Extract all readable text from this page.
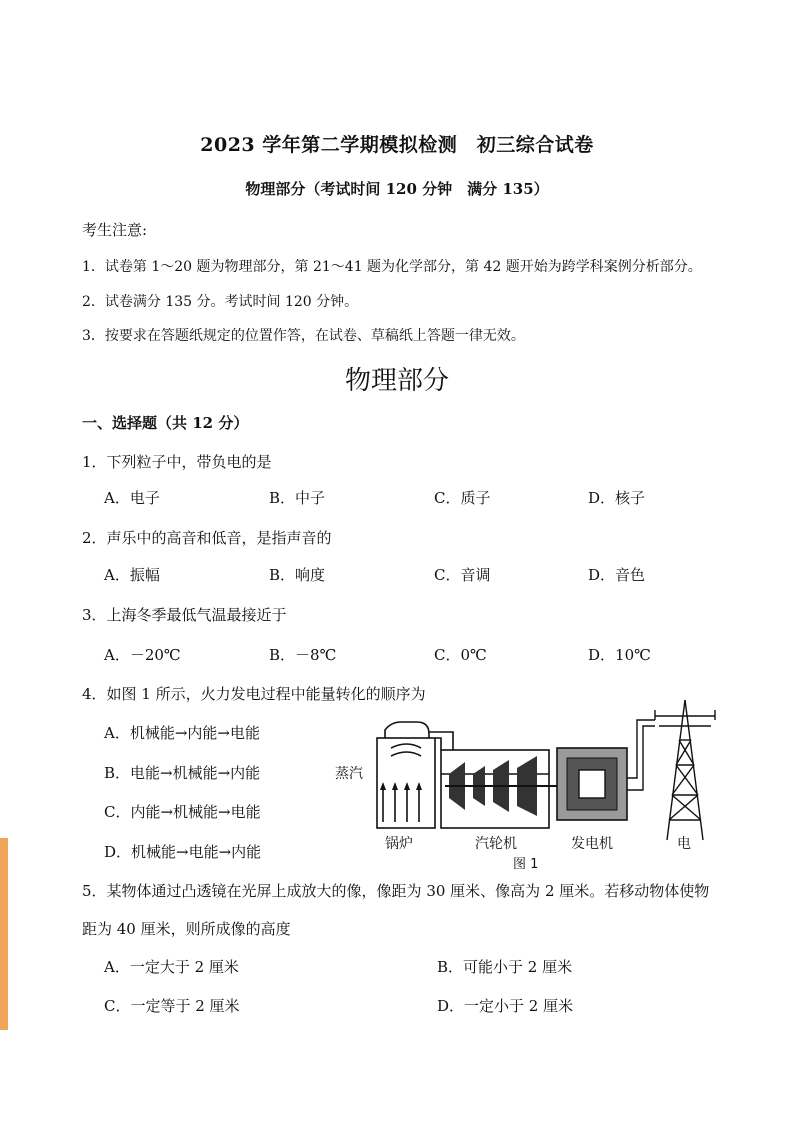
2023 学年第二学期模拟检测　初三综合试卷
物理部分（考试时间 120 分钟　满分 135）
考生注意:
1．试卷第 1～20 题为物理部分，第 21～41 题为化学部分，第 42 题开始为跨学科案例分析部分。
2．试卷满分 135 分。考试时间 120 分钟。
3．按要求在答题纸规定的位置作答，在试卷、草稿纸上答题一律无效。
物理部分
一、选择题（共 12 分）
1．下列粒子中，带负电的是
A．电子	B．中子	C．质子	D．核子
2．声乐中的高音和低音，是指声音的
A．振幅	B．响度	C．音调	D．音色
3．上海冬季最低气温最接近于
A．－20℃	B．－8℃	C．0℃	D．10℃
4．如图 1 所示，火力发电过程中能量转化的顺序为
A．机械能→内能→电能
B．电能→机械能→内能
C．内能→机械能→电能
D．机械能→电能→内能
蒸汽
锅炉	汽轮机	发电机	电
图 1
5．某物体通过凸透镜在光屏上成放大的像，像距为 30 厘米、像高为 2 厘米。若移动物体使物
距为 40 厘米，则所成像的高度
A．一定大于 2 厘米	B．可能小于 2 厘米
C．一定等于 2 厘米	D．一定小于 2 厘米
